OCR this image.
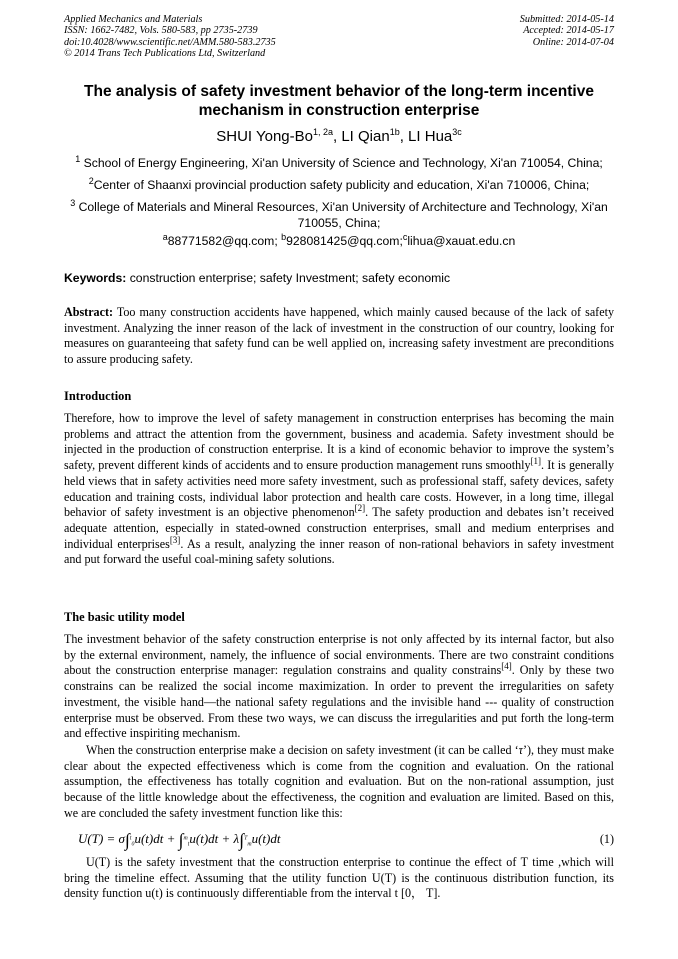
Applied Mechanics and Materials
ISSN: 1662-7482, Vols. 580-583, pp 2735-2739
doi:10.4028/www.scientific.net/AMM.580-583.2735
© 2014 Trans Tech Publications Ltd, Switzerland
Submitted: 2014-05-14
Accepted: 2014-05-17
Online: 2014-07-04
The analysis of safety investment behavior of the long-term incentive
mechanism in construction enterprise
SHUI Yong-$Bo^{1, 2a}$, LI Qian$^{1b}$, LI Hua$^{3c}$
$^1$ School of Energy Engineering, Xi'an University of Science and Technology, Xi'an 710054, China;
$^2$Center of Shaanxi provincial production safety publicity and education, Xi'an 710006, China;
$^3$ College of Materials and Mineral Resources, Xi'an University of Architecture and Technology, Xi'an
710055, China;
$^a$88771582@qq.com; $^b$928081425@qq.com;$^c$lihua@xauat.edu.cn
Keywords: construction enterprise; safety Investment; safety economic

Abstract: Too many construction accidents have happened, which mainly caused because of the lack of safety investment. Analyzing the inner reason of the lack of investment in the construction of our country, looking for measures on guaranteeing that safety fund can be well applied on, increasing safety investment are preconditions to assure producing safety.

Introduction

Therefore, how to improve the level of safety management in construction enterprises has becoming the main problems and attract the attention from the government, business and academia. Safety investment should be injected in the production of construction enterprise. It is a kind of economic behavior to improve the system’s safety, prevent different kinds of accidents and to ensure production management runs smoothly[1]. It is generally held views that in safety activities need more safety investment, such as professional staff, safety devices, safety education and training costs, individual labor protection and health care costs. However, in a long time, illegal behavior of safety investment is an objective phenomenon[2]. The safety production and debates isn’t received adequate attention, especially in stated-owned construction enterprises, small and medium enterprises and individual enterprises[3]. As a result, analyzing the inner reason of non-rational behaviors in safety investment and put forward the useful coal-mining safety solutions.

The basic utility model

The investment behavior of the safety construction enterprise is not only affected by its internal factor, but also by the external environment, namely, the influence of social environments. There are two constraint conditions about the construction enterprise manager: regulation constrains and quality constrains[4]. Only by these two constrains can be realized the social income maximization. In order to prevent the irregularities on safety investment, the visible hand—the national safety regulations and the invisible hand --- quality of construction enterprise must be observed. From these two ways, we can discuss the irregularities and put forth the long-term and effective inspiriting mechanism.

When the construction enterprise make a decision on safety investment (it can be called ‘τ’), they must make clear about the expected effectiveness which is come from the cognition and evaluation. On the rational assumption, the effectiveness has totally cognition and evaluation. But on the non-rational assumption, just because of the little knowledge about the effectiveness, the cognition and evaluation are limited. Based on this, we are concluded the safety investment function like this:

U(T) = σ∫$^t_0$u(t)dt + ∫$^m_t$u(t)dt + λ∫$^T_m$u(t)dt	(1)

U(T) is the safety investment that the construction enterprise to continue the effect of T time ,which will bring the timeline effect. Assuming that the utility function U(T) is the continuous distribution function, its density function u(t) is continuously differentiable from the interval t [0， T].
